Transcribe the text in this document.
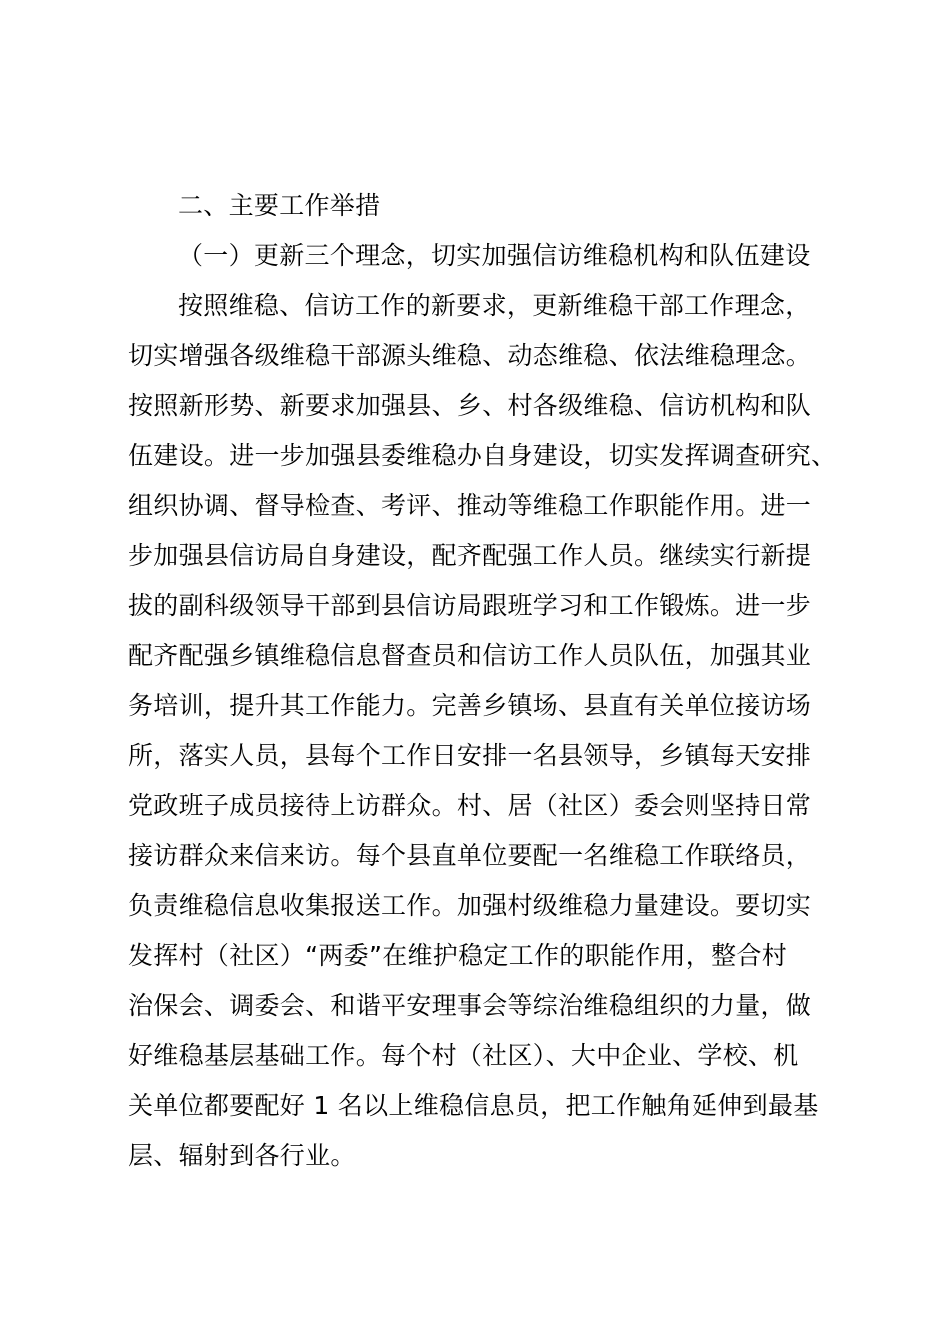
二、主要工作举措
（一）更新三个理念，切实加强信访维稳机构和队伍建设
按照维稳、信访工作的新要求，更新维稳干部工作理念，
切实增强各级维稳干部源头维稳、动态维稳、依法维稳理念。
按照新形势、新要求加强县、乡、村各级维稳、信访机构和队
伍建设。进一步加强县委维稳办自身建设，切实发挥调查研究、
组织协调、督导检查、考评、推动等维稳工作职能作用。进一
步加强县信访局自身建设，配齐配强工作人员。继续实行新提
拔的副科级领导干部到县信访局跟班学习和工作锻炼。进一步
配齐配强乡镇维稳信息督查员和信访工作人员队伍，加强其业
务培训，提升其工作能力。完善乡镇场、县直有关单位接访场
所，落实人员，县每个工作日安排一名县领导，乡镇每天安排
党政班子成员接待上访群众。村、居（社区）委会则坚持日常
接访群众来信来访。每个县直单位要配一名维稳工作联络员，
负责维稳信息收集报送工作。加强村级维稳力量建设。要切实
发挥村（社区）“两委”在维护稳定工作的职能作用，整合村
治保会、调委会、和谐平安理事会等综治维稳组织的力量，做
好维稳基层基础工作。每个村（社区）、大中企业、学校、机
关单位都要配好 1 名以上维稳信息员，把工作触角延伸到最基
层、辐射到各行业。
